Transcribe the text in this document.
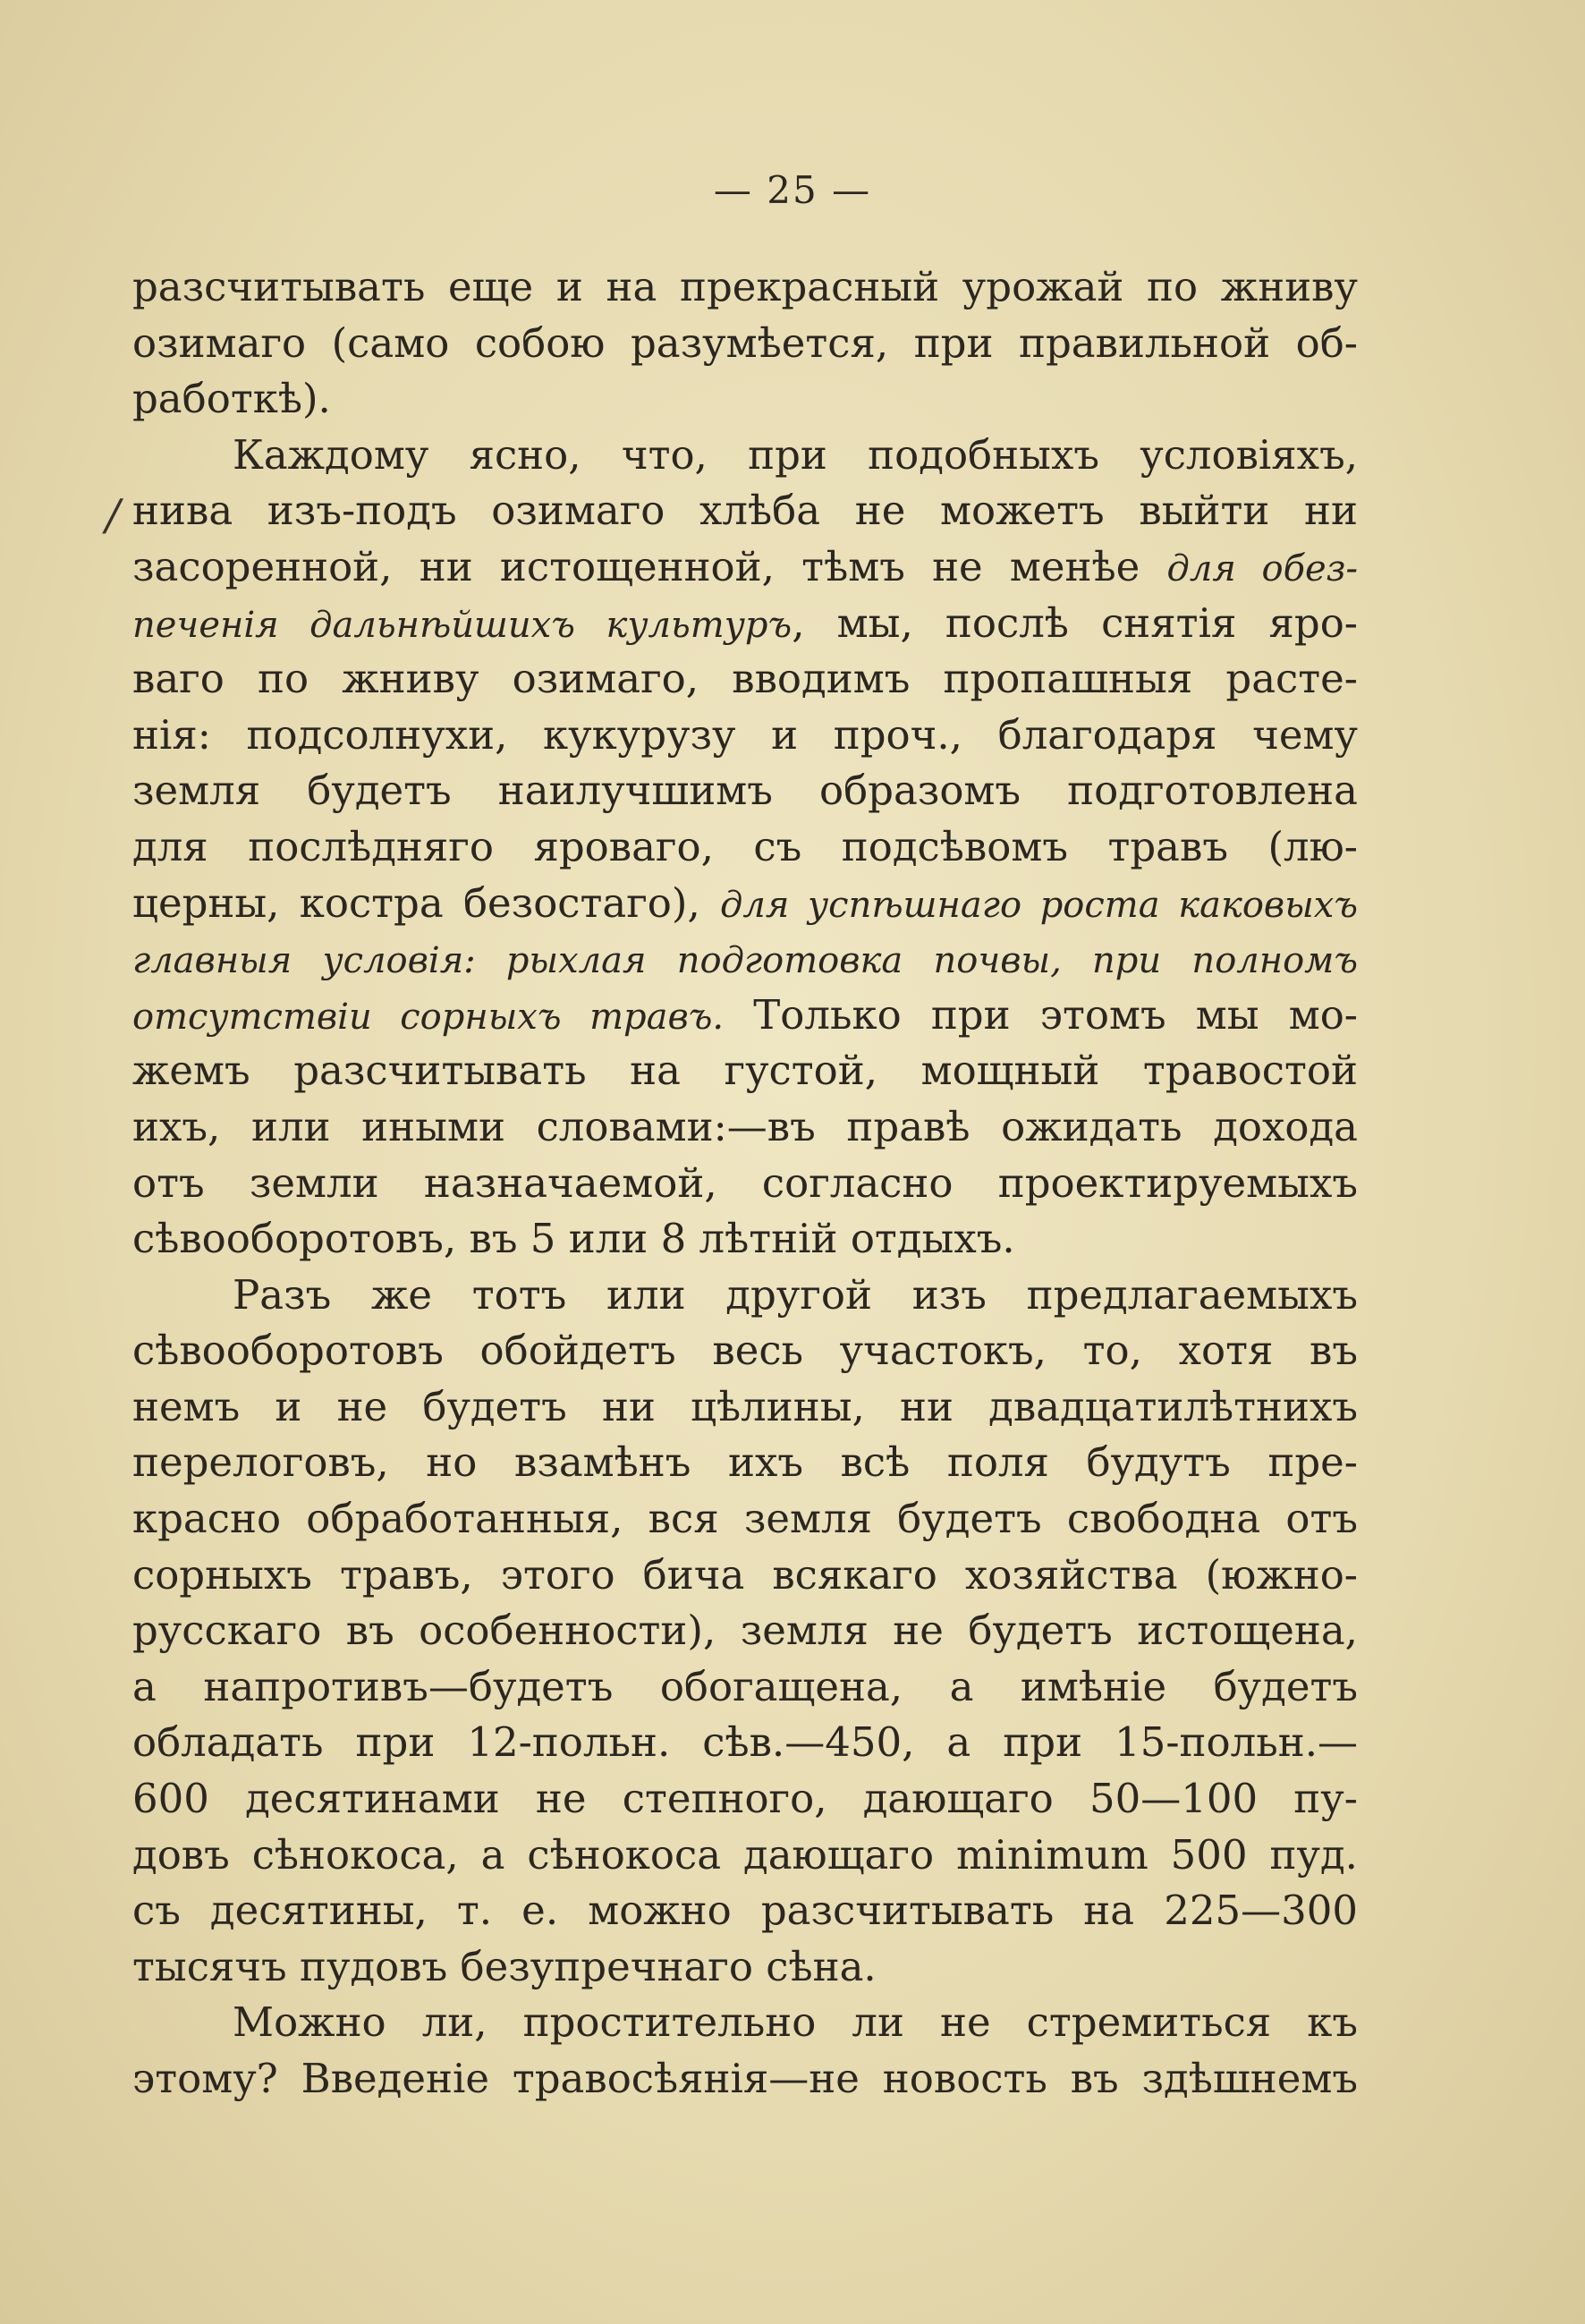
— 25 —
разсчитывать еще и на прекрасный урожай по жниву
озимаго (само собою разумѣется, при правильной об-
работкѣ).
Каждому ясно, что, при подобныхъ условіяхъ,
нива изъ-подъ озимаго хлѣба не можетъ выйти ни
засоренной, ни истощенной, тѣмъ не менѣе для обез-
печенія дальнѣйшихъ культуръ, мы, послѣ снятія яро-
ваго по жниву озимаго, вводимъ пропашныя расте-
нія: подсолнухи, кукурузу и проч., благодаря чему
земля будетъ наилучшимъ образомъ подготовлена
для послѣдняго яроваго, съ подсѣвомъ травъ (лю-
церны, костра безостаго), для успѣшнаго роста каковыхъ
главныя условія: рыхлая подготовка почвы, при полномъ
отсутствіи сорныхъ травъ. Только при этомъ мы мо-
жемъ разсчитывать на густой, мощный травостой
ихъ, или иными словами:—въ правѣ ожидать дохода
отъ земли назначаемой, согласно проектируемыхъ
сѣвооборотовъ, въ 5 или 8 лѣтній отдыхъ.
Разъ же тотъ или другой изъ предлагаемыхъ
сѣвооборотовъ обойдетъ весь участокъ, то, хотя въ
немъ и не будетъ ни цѣлины, ни двадцатилѣтнихъ
перелоговъ, но взамѣнъ ихъ всѣ поля будутъ пре-
красно обработанныя, вся земля будетъ свободна отъ
сорныхъ травъ, этого бича всякаго хозяйства (южно-
русскаго въ особенности), земля не будетъ истощена,
а напротивъ—будетъ обогащена, а имѣніе будетъ
обладать при 12-польн. сѣв.—450, а при 15-польн.—
600 десятинами не степного, дающаго 50—100 пу-
довъ сѣнокоса, а сѣнокоса дающаго minimum 500 пуд.
съ десятины, т. е. можно разсчитывать на 225—300
тысячъ пудовъ безупречнаго сѣна.
Можно ли, простительно ли не стремиться къ
этому? Введеніе травосѣянія—не новость въ здѣшнемъ
/
